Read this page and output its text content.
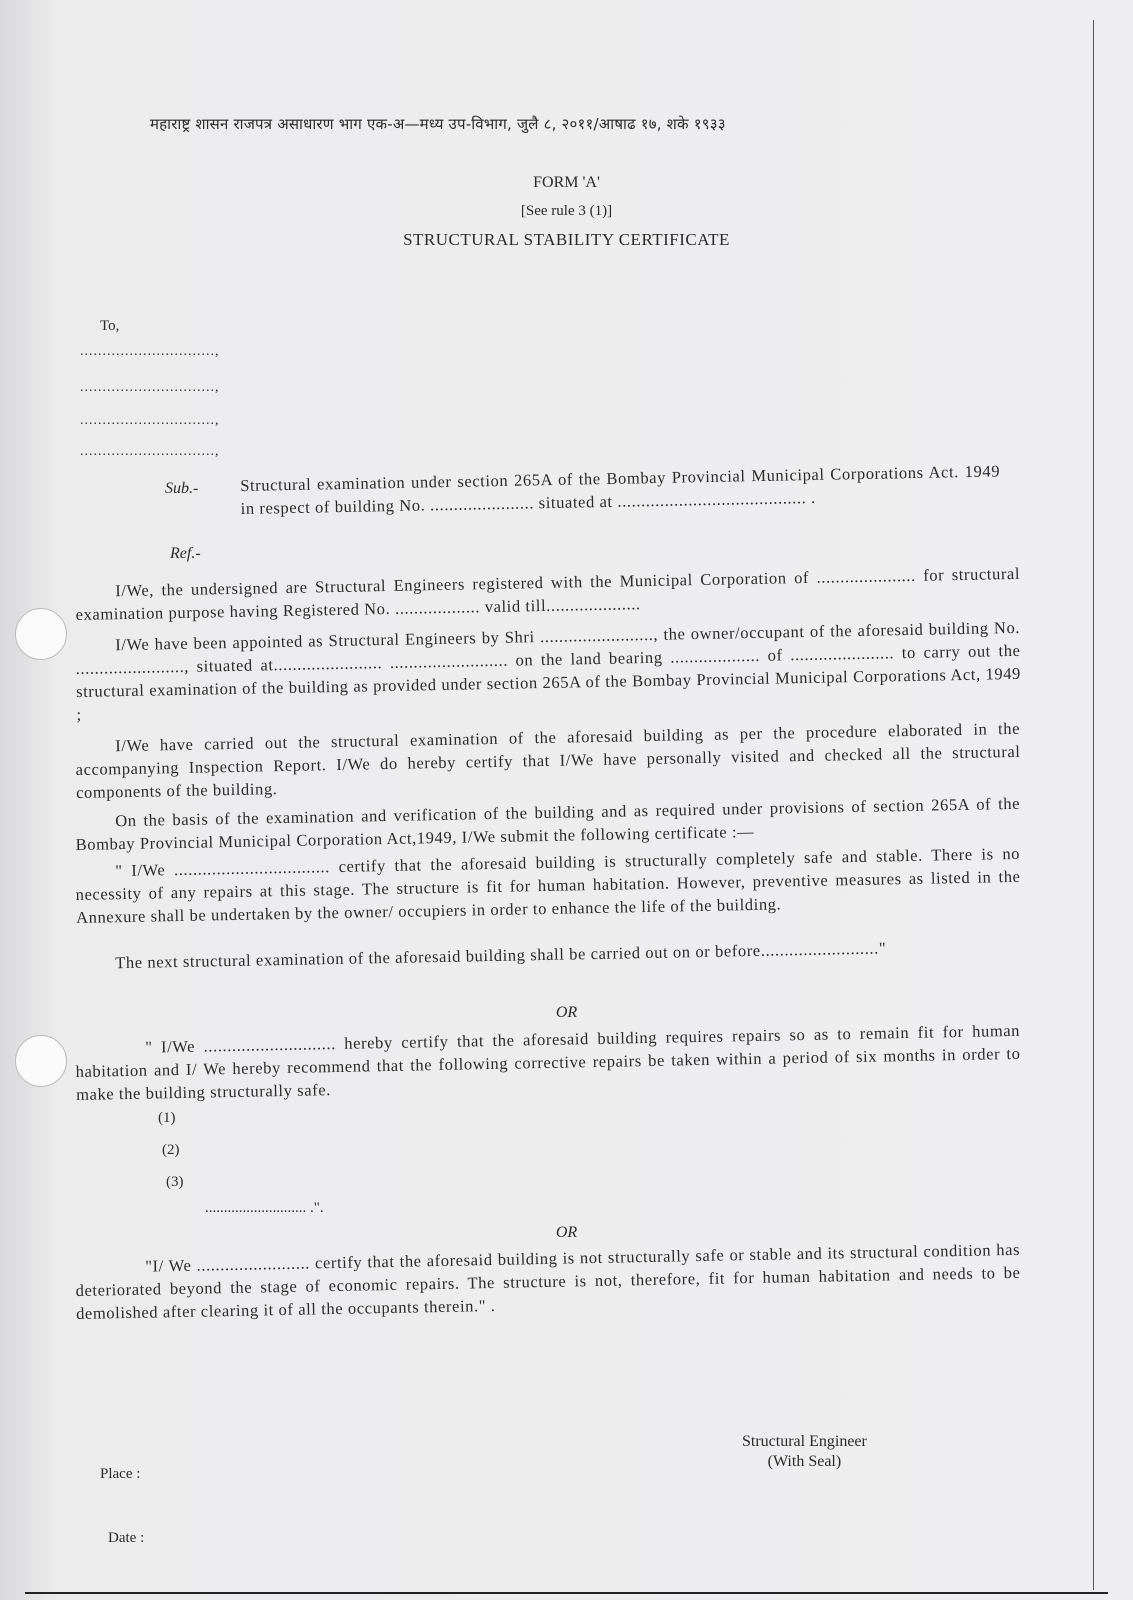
महाराष्ट्र शासन राजपत्र असाधारण भाग एक-अ—मध्य उप-विभाग, जुलै ८, २०११/आषाढ १७, शके १९३३
FORM 'A'
[See rule 3 (1)]
STRUCTURAL STABILITY CERTIFICATE
To,
..............................,
..............................,
..............................,
..............................,
Sub.-	Structural examination under section 265A of the Bombay Provincial Municipal Corporations Act. 1949 in respect of building No. ...................... situated at ........................................ .
Ref.-
I/We, the undersigned are Structural Engineers registered with the Municipal Corporation of ..................... for structural examination purpose having Registered No. .................. valid till....................
I/We have been appointed as Structural Engineers by Shri ........................, the owner/occupant of the aforesaid building No. ......................., situated at....................... ......................... on the land bearing ................... of ...................... to carry out the structural examination of the building as provided under section 265A of the Bombay Provincial Municipal Corporations Act, 1949 ;
I/We have carried out the structural examination of the aforesaid building as per the procedure elaborated in the accompanying Inspection Report. I/We do hereby certify that I/We have personally visited and checked all the structural components of the building.
On the basis of the examination and verification of the building and as required under provisions of section 265A of the Bombay Provincial Municipal Corporation Act,1949, I/We submit the following certificate :—
" I/We ................................. certify that the aforesaid building is structurally completely safe and stable. There is no necessity of any repairs at this stage. The structure is fit for human habitation. However, preventive measures as listed in the Annexure shall be undertaken by the owner/ occupiers in order to enhance the life of the building.
The next structural examination of the aforesaid building shall be carried out on or before........................."
OR
" I/We ............................ hereby certify that the aforesaid building requires repairs so as to remain fit for human habitation and I/ We hereby recommend that the following corrective repairs be taken within a period of six months in order to make the building structurally safe.
(1)
(2)
(3)
........................... .".
OR
"I/ We ........................ certify that the aforesaid building is not structurally safe or stable and its structural condition has deteriorated beyond the stage of economic repairs. The structure is not, therefore, fit for human habitation and needs to be demolished after clearing it of all the occupants therein." .
Structural Engineer
(With Seal)
Place :
Date :
